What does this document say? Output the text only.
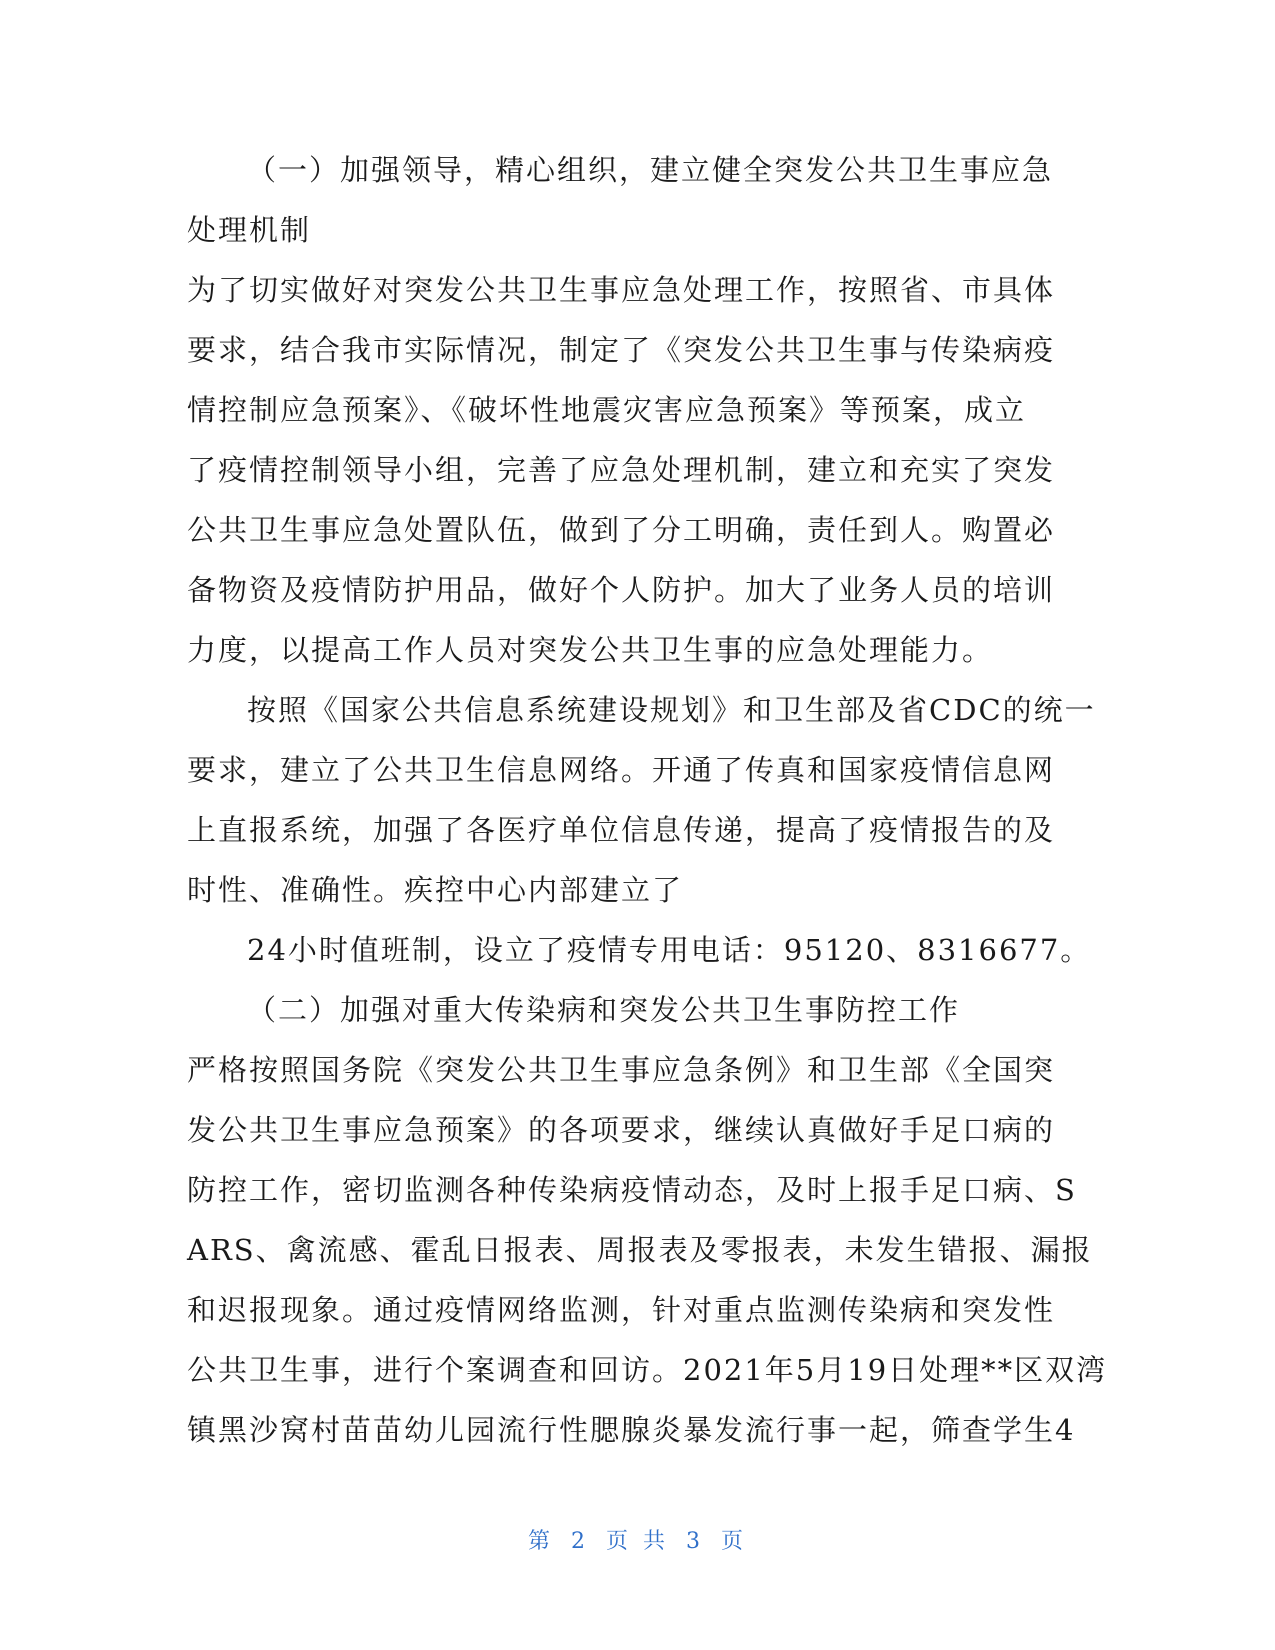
（一）加强领导，精心组织，建立健全突发公共卫生事应急
处理机制
为了切实做好对突发公共卫生事应急处理工作，按照省、市具体
要求，结合我市实际情况，制定了《突发公共卫生事与传染病疫
情控制应急预案》、《破坏性地震灾害应急预案》等预案，成立
了疫情控制领导小组，完善了应急处理机制，建立和充实了突发
公共卫生事应急处置队伍，做到了分工明确，责任到人。购置必
备物资及疫情防护用品，做好个人防护。加大了业务人员的培训
力度，以提高工作人员对突发公共卫生事的应急处理能力。
按照《国家公共信息系统建设规划》和卫生部及省CDC的统一
要求，建立了公共卫生信息网络。开通了传真和国家疫情信息网
上直报系统，加强了各医疗单位信息传递，提高了疫情报告的及
时性、准确性。疾控中心内部建立了
24小时值班制，设立了疫情专用电话：95120、8316677。
（二）加强对重大传染病和突发公共卫生事防控工作
严格按照国务院《突发公共卫生事应急条例》和卫生部《全国突
发公共卫生事应急预案》的各项要求，继续认真做好手足口病的
防控工作，密切监测各种传染病疫情动态，及时上报手足口病、S
ARS、禽流感、霍乱日报表、周报表及零报表，未发生错报、漏报
和迟报现象。通过疫情网络监测，针对重点监测传染病和突发性
公共卫生事，进行个案调查和回访。2021年5月19日处理**区双湾
镇黑沙窝村苗苗幼儿园流行性腮腺炎暴发流行事一起，筛查学生4
第 2 页 共 3 页
